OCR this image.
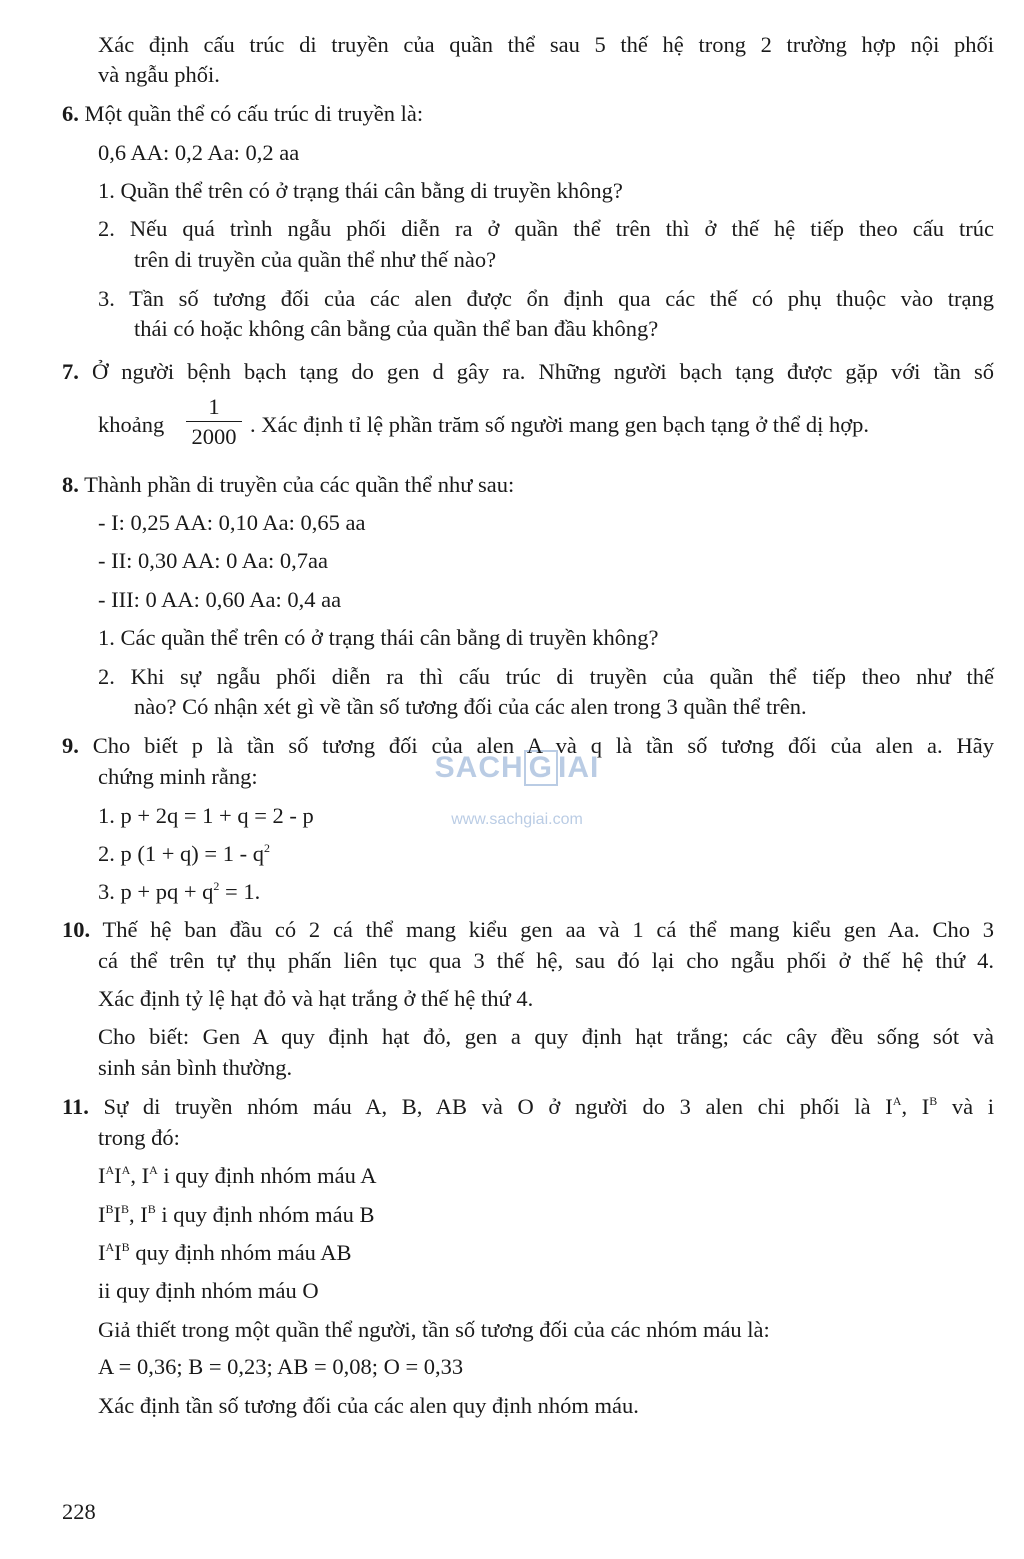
Xác định cấu trúc di truyền của quần thể sau 5 thế hệ trong 2 trường hợp nội phối
và ngẫu phối.
6. Một quần thể có cấu trúc di truyền là:
0,6 AA: 0,2 Aa: 0,2 aa
1. Quần thể trên có ở trạng thái cân bằng di truyền không?
2. Nếu quá trình ngẫu phối diễn ra ở quần thể trên thì ở thế hệ tiếp theo cấu trúc
trên di truyền của quần thể như thế nào?
3. Tần số tương đối của các alen được ổn định qua các thế có phụ thuộc vào trạng
thái có hoặc không cân bằng của quần thể ban đầu không?
7. Ở người bệnh bạch tạng do gen d gây ra. Những người bạch tạng được gặp với tần số
khoảng
1
2000 . Xác định tỉ lệ phần trăm số người mang gen bạch tạng ở thể dị hợp.
8. Thành phần di truyền của các quần thể như sau:
- I: 0,25 AA: 0,10 Aa: 0,65 aa
- II: 0,30 AA: 0 Aa: 0,7aa
- III: 0 AA: 0,60 Aa: 0,4 aa
1. Các quần thể trên có ở trạng thái cân bằng di truyền không?
2. Khi sự ngẫu phối diễn ra thì cấu trúc di truyền của quần thể tiếp theo như thế
nào? Có nhận xét gì về tần số tương đối của các alen trong 3 quần thể trên.
SACH G IAI
www.sachgiai.com
9. Cho biết p là tần số tương đối của alen A và q là tần số tương đối của alen a. Hãy
chứng minh rằng:
1. p + 2q = 1 + q = 2 - p
2. p $(1 + q) = 1 - q^2$
3. p + pq + $q^2 = 1$.
10. Thế hệ ban đầu có 2 cá thể mang kiểu gen aa và 1 cá thể mang kiểu gen Aa. Cho 3
cá thể trên tự thụ phấn liên tục qua 3 thế hệ, sau đó lại cho ngẫu phối ở thế hệ thứ 4.
Xác định tỷ lệ hạt đỏ và hạt trắng ở thế hệ thứ 4.
Cho biết: Gen A quy định hạt đỏ, gen a quy định hạt trắng; các cây đều sống sót và
sinh sản bình thường.
11. Sự di truyền nhóm máu A, B, AB và O ở người do 3 alen chi phối là $I^A$, $I^B$ và i
trong đó:
$I^AI^A$, $I^A$ i quy định nhóm máu A
$I^BI^B$, $I^B$ i quy định nhóm máu B
$I^AI^B$ quy định nhóm máu AB
ii quy định nhóm máu O
Giả thiết trong một quần thể người, tần số tương đối của các nhóm máu là:
A = 0,36; B = 0,23; AB = 0,08; O = 0,33
Xác định tần số tương đối của các alen quy định nhóm máu.
228
